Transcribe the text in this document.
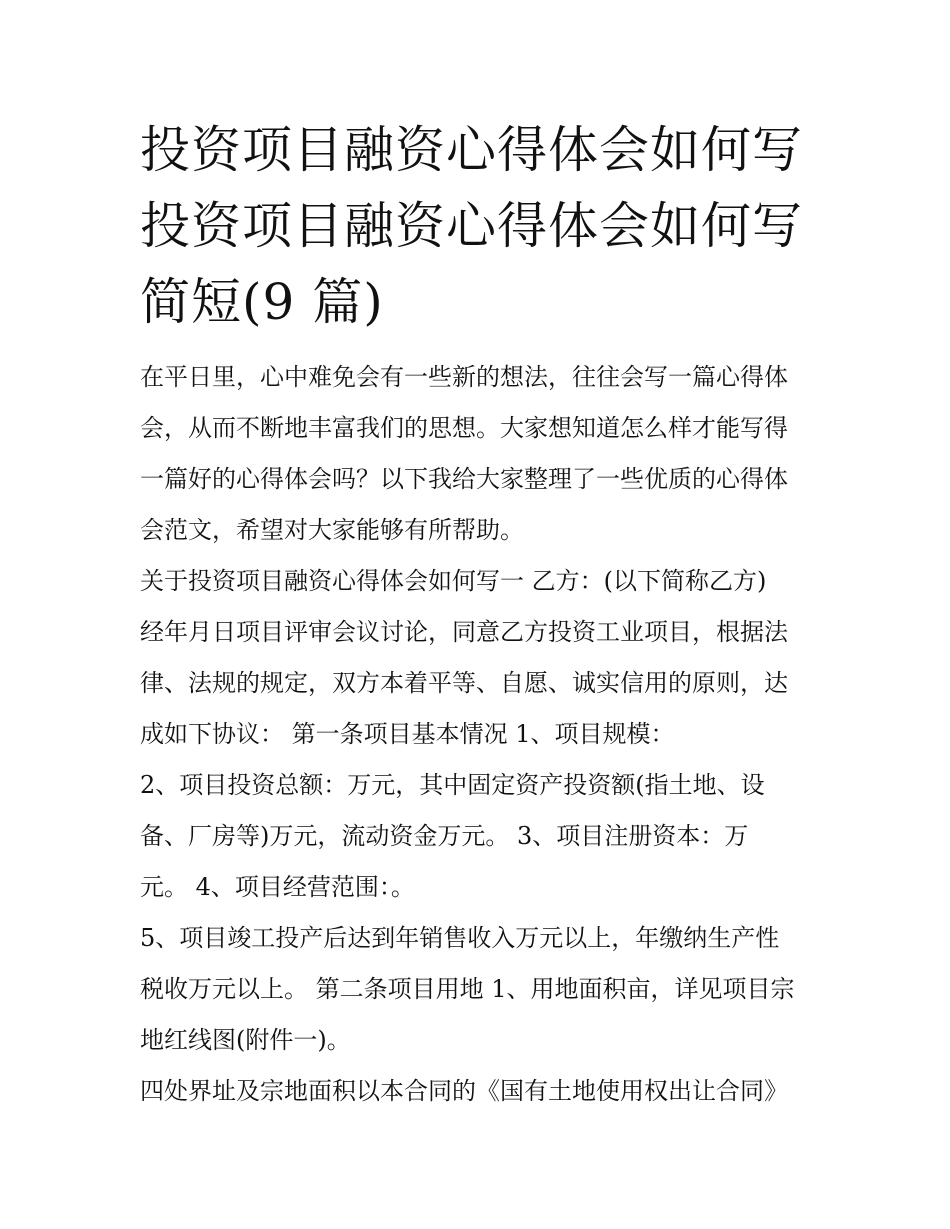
投资项目融资心得体会如何写
投资项目融资心得体会如何写
简短(9 篇)

在平日里，心中难免会有一些新的想法，往往会写一篇心得体
会，从而不断地丰富我们的思想。大家想知道怎么样才能写得
一篇好的心得体会吗？以下我给大家整理了一些优质的心得体
会范文，希望对大家能够有所帮助。

关于投资项目融资心得体会如何写一 乙方：(以下简称乙方)
经年月日项目评审会议讨论，同意乙方投资工业项目，根据法
律、法规的规定，双方本着平等、自愿、诚实信用的原则，达
成如下协议： 第一条项目基本情况 1、项目规模：

2、项目投资总额：万元，其中固定资产投资额(指土地、设
备、厂房等)万元，流动资金万元。 3、项目注册资本：万
元。 4、项目经营范围：。

5、项目竣工投产后达到年销售收入万元以上，年缴纳生产性
税收万元以上。 第二条项目用地 1、用地面积亩，详见项目宗
地红线图(附件一)。

四处界址及宗地面积以本合同的《国有土地使用权出让合同》
